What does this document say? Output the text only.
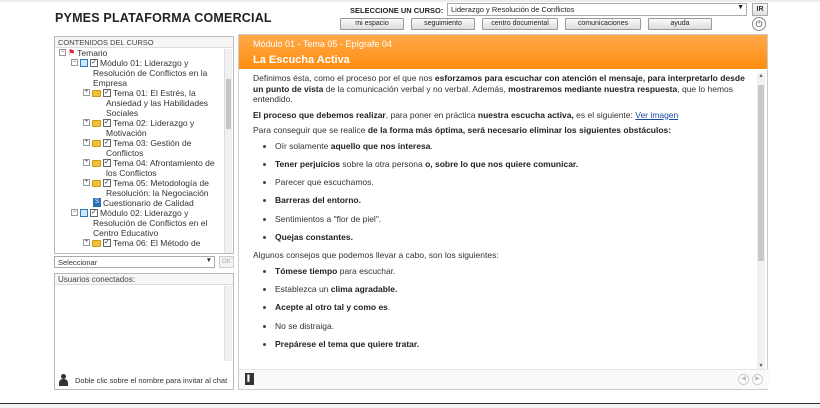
PYMES PLATAFORMA COMERCIAL
SELECCIONE UN CURSO:	Liderazgo y Resolución de Conflictos	▼	IR
mi espacio	seguimiento	centro documental	comunicaciones	ayuda	⏻
CONTENIDOS DEL CURSO
− ⚑ Temario
− ✓ Módulo 01: Liderazgo y
Resolución de Conflictos en la
Empresa
+ ✓ Tema 01: El Estrés, la
Ansiedad y las Habilidades
Sociales
+ ✓ Tema 02: Liderazgo y
Motivación
+ ✓ Tema 03: Gestión de
Conflictos
+ ✓ Tema 04: Afrontamiento de
los Conflictos
+ ✓ Tema 05: Metodología de
Resolución: la Negociación
S Cuestionario de Calidad
− ✓ Módulo 02: Liderazgo y
Resolución de Conflictos en el
Centro Educativo
+ ✓ Tema 06: El Método de
Seleccionar	▼	OK
Usuarios conectados:
Doble clic sobre el nombre para invitar al chat
Módulo 01 - Tema 05 - Epígrafe 04
La Escucha Activa

Definimos ésta, como el proceso por el que nos esforzamos para escuchar con atención el mensaje, para interpretarlo desde un punto de vista de la comunicación verbal y no verbal. Además, mostraremos mediante nuestra respuesta, que lo hemos entendido.

El proceso que debemos realizar, para poner en práctica nuestra escucha activa, es el siguiente: Ver imagen

Para conseguir que se realice de la forma más óptima, será necesario eliminar los siguientes obstáculos:

Oír solamente aquello que nos interesa.
Tener perjuicios sobre la otra persona o, sobre lo que nos quiere comunicar.
Parecer que escuchamos.
Barreras del entorno.
Sentimientos a "flor de piel".
Quejas constantes.

Algunos consejos que podemos llevar a cabo, son los siguientes:

Tómese tiempo para escuchar.
Establezca un clima agradable.
Acepte al otro tal y como es.
No se distraiga.
Prepárese el tema que quiere tratar.
▲
▼
▌	◀	▶
